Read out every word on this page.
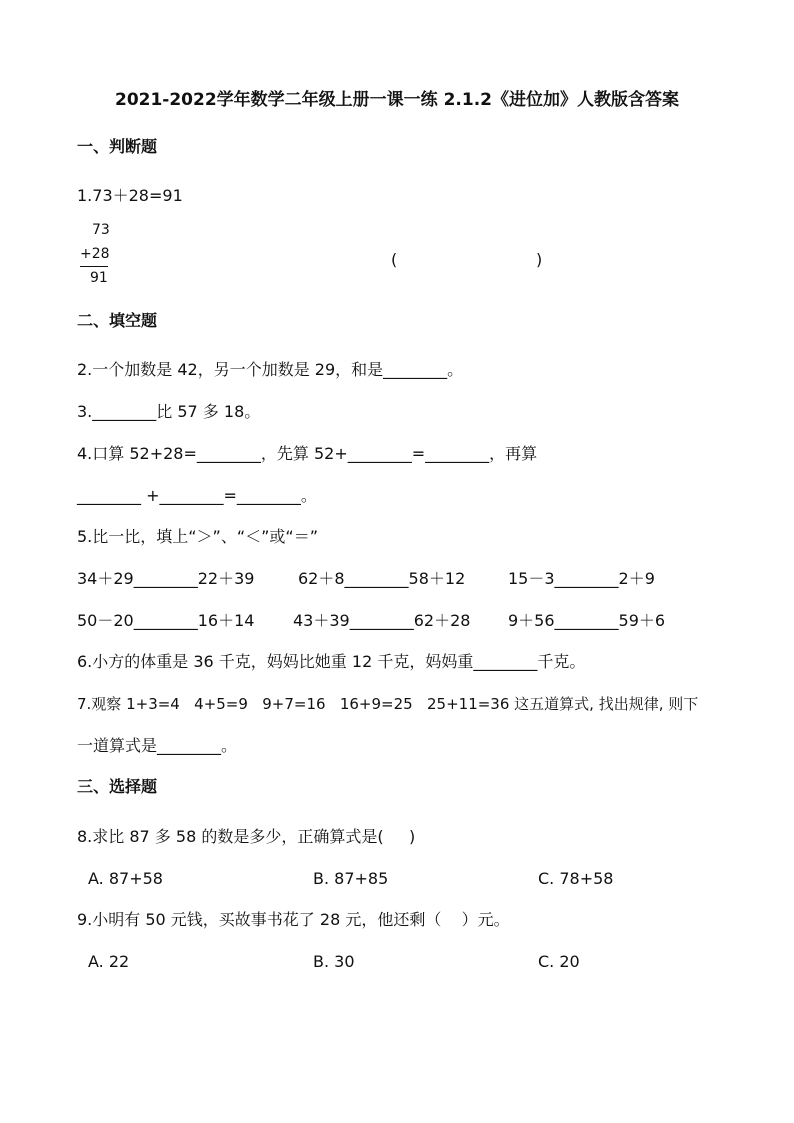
2021-2022学年数学二年级上册一课一练 2.1.2《进位加》人教版含答案
一、判断题
1.73＋28=91
73
+28
91
(	)
二、填空题
2.一个加数是 42，另一个加数是 29，和是________。
3.________比 57 多 18。
4.口算 52+28=________，先算 52+________=________，再算
________ +________=________。
5.比一比，填上“＞”、“＜”或“＝”
34＋29________22＋39	62＋8________58＋12	15－3________2＋9
50－20________16＋14 43＋39________62＋28 9＋56________59＋6
6.小方的体重是 36 千克，妈妈比她重 12 千克，妈妈重________千克。
7.观察 1+3=4   4+5=9   9+7=16   16+9=25   25+11=36 这五道算式, 找出规律, 则下
一道算式是________。
三、选择题
8.求比 87 多 58 的数是多少，正确算式是(     )
A. 87+58	B. 87+85	C. 78+58
9.小明有 50 元钱，买故事书花了 28 元，他还剩（    ）元。
A. 22	B. 30	C. 20
